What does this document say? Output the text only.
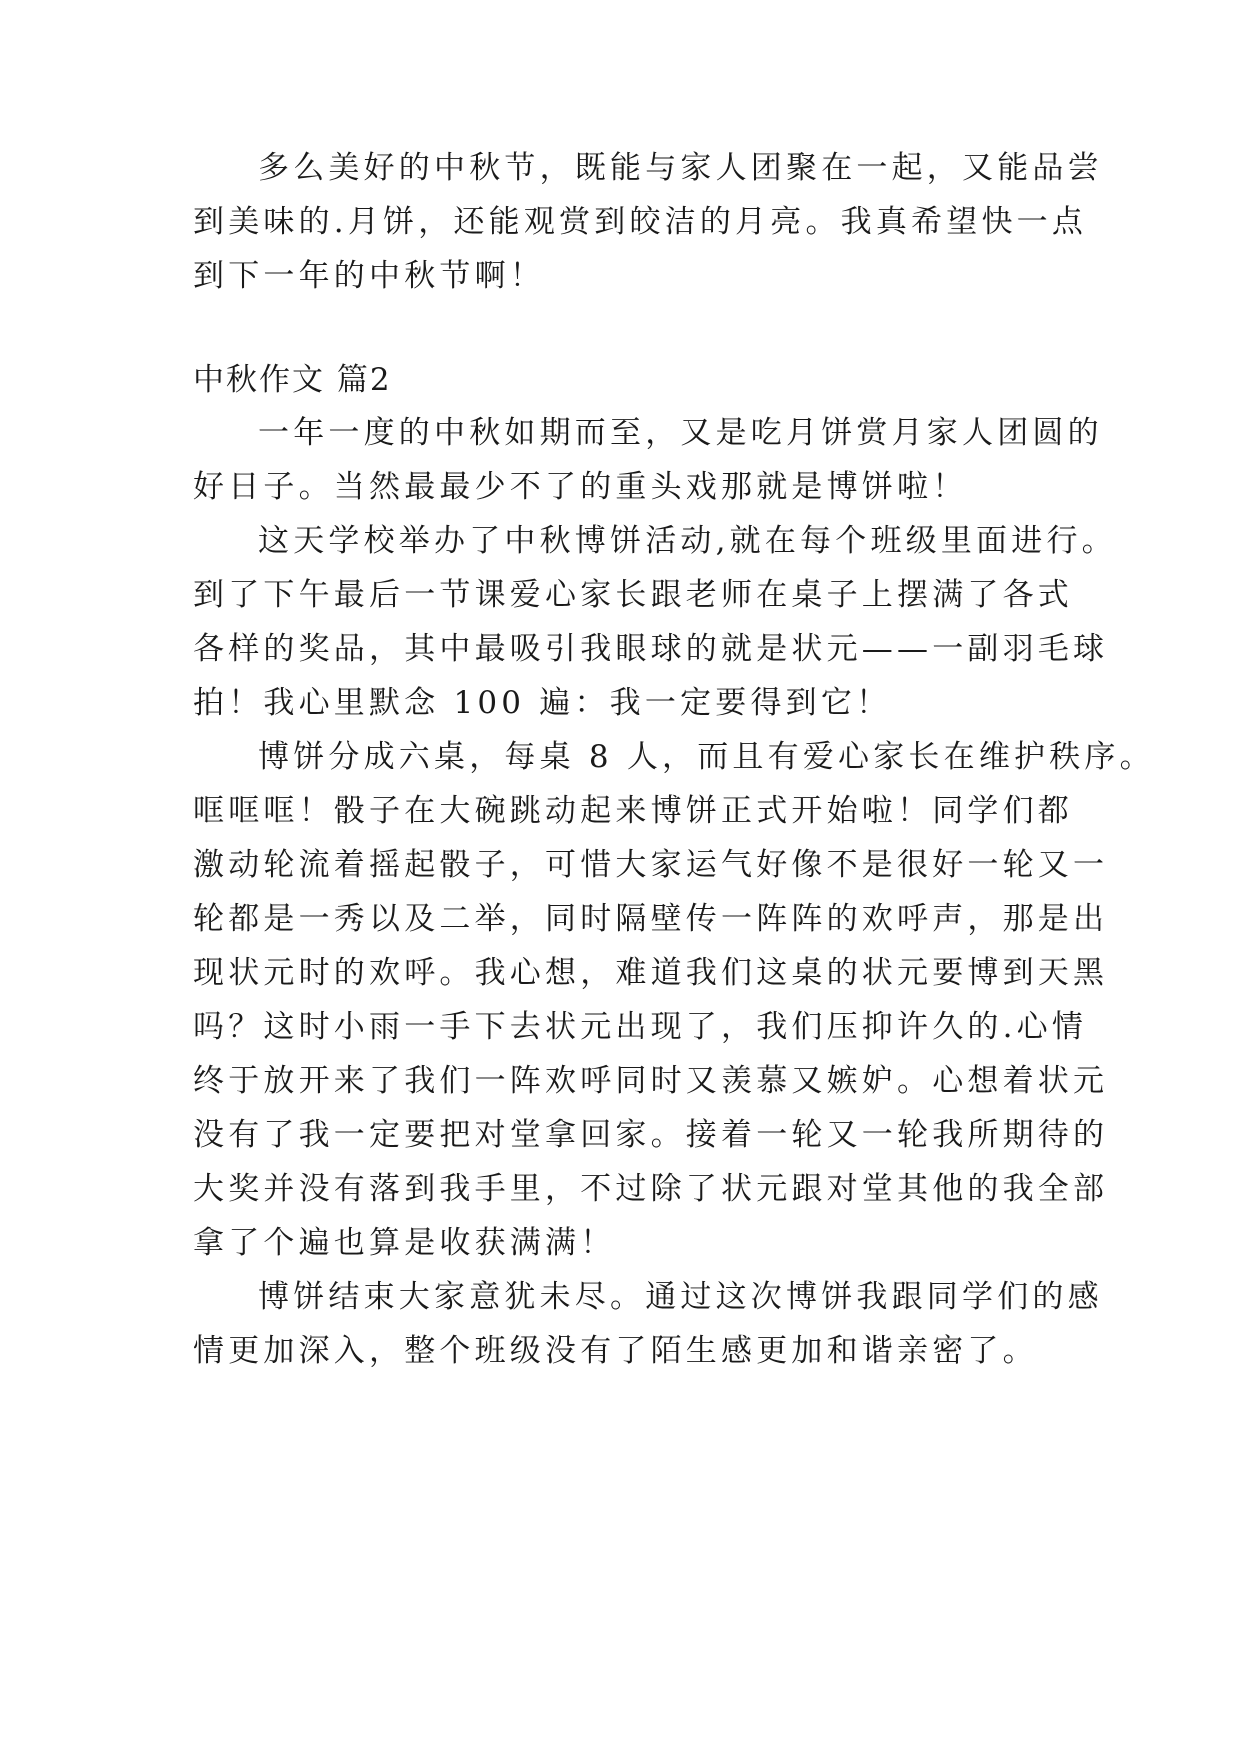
多么美好的中秋节，既能与家人团聚在一起，又能品尝
到美味的.月饼，还能观赏到皎洁的月亮。我真希望快一点
到下一年的中秋节啊！
中秋作文 篇2
一年一度的中秋如期而至，又是吃月饼赏月家人团圆的
好日子。当然最最少不了的重头戏那就是博饼啦！
这天学校举办了中秋博饼活动,就在每个班级里面进行。
到了下午最后一节课爱心家长跟老师在桌子上摆满了各式
各样的奖品，其中最吸引我眼球的就是状元——一副羽毛球
拍！我心里默念 100 遍：我一定要得到它！
博饼分成六桌，每桌 8 人，而且有爱心家长在维护秩序。
哐哐哐！骰子在大碗跳动起来博饼正式开始啦！同学们都
激动轮流着摇起骰子，可惜大家运气好像不是很好一轮又一
轮都是一秀以及二举，同时隔壁传一阵阵的欢呼声，那是出
现状元时的欢呼。我心想，难道我们这桌的状元要博到天黑
吗？这时小雨一手下去状元出现了，我们压抑许久的.心情
终于放开来了我们一阵欢呼同时又羡慕又嫉妒。心想着状元
没有了我一定要把对堂拿回家。接着一轮又一轮我所期待的
大奖并没有落到我手里，不过除了状元跟对堂其他的我全部
拿了个遍也算是收获满满！
博饼结束大家意犹未尽。通过这次博饼我跟同学们的感
情更加深入，整个班级没有了陌生感更加和谐亲密了。
